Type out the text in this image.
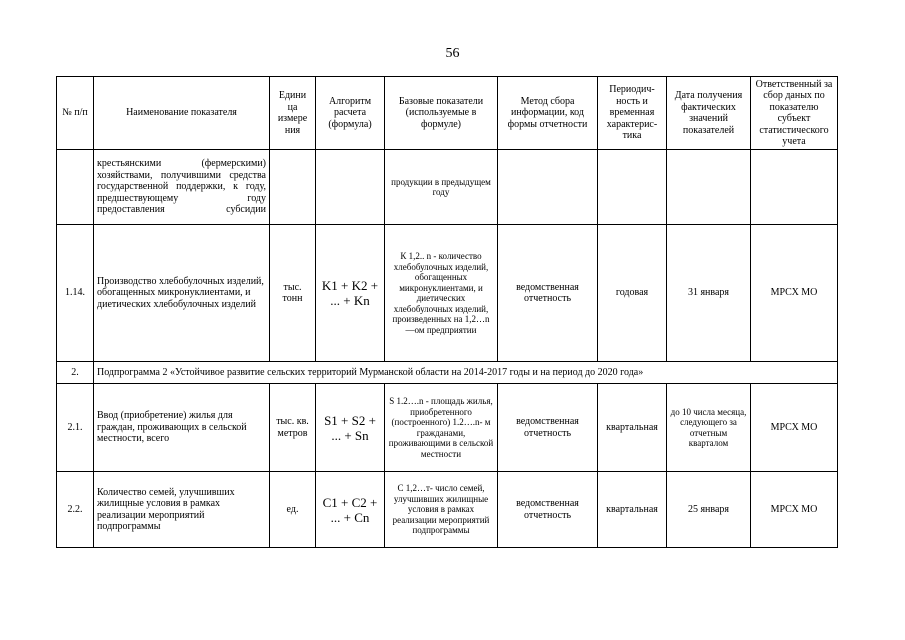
56
№ п/п	Наименование показателя	Едини ца измере ния	Алгоритм расчета (формула)	Базовые показатели (используемые в формуле)	Метод сбора информации, код формы отчетности	Периодич- ность и временная характерис- тика	Дата получения фактических значений показателей	Ответственный за сбор даных по показателю субъект статистического учета
	крестьянскими (фермерскими) хозяйствами, получившими средства государственной поддержки, к году, предшествующему году предоставления субсидии			продукции в предыдущем году				
1.14.	Производство хлебобулочных изделий, обогащенных микронуклиентами, и диетических хлебобулочных изделий	тыс. тонн	K1 + K2 + ... + Kn	К 1,2.. n - количество хлебобулочных изделий, обогащенных микронуклиентами, и диетических хлебобулочных изделий, произведенных на 1,2…n—ом предприятии	ведомственная отчетность	годовая	31 января	МРСХ МО
2.	Подпрограмма 2 «Устойчивое развитие сельских территорий Мурманской области на 2014-2017 годы и на период до 2020 года»							
2.1.	Ввод (приобретение) жилья для граждан, проживающих в сельской местности, всего	тыс. кв. метров	S1 + S2 + ... + Sn	S 1.2….n - площадь жилья, приобретенного (построенного) 1.2….n- м гражданами, проживающими в сельской местности	ведомственная отчетность	квартальная	до 10 числа месяца, следующего за отчетным кварталом	МРСХ МО
2.2.	Количество семей, улучшивших жилищные условия в рамках реализации мероприятий подпрограммы	ед.	C1 + C2 + ... + Cn	С 1,2…т- число семей, улучшивших жилищные условия в рамках реализации мероприятий подпрограммы	ведомственная отчетность	квартальная	25 января	МРСХ МО
